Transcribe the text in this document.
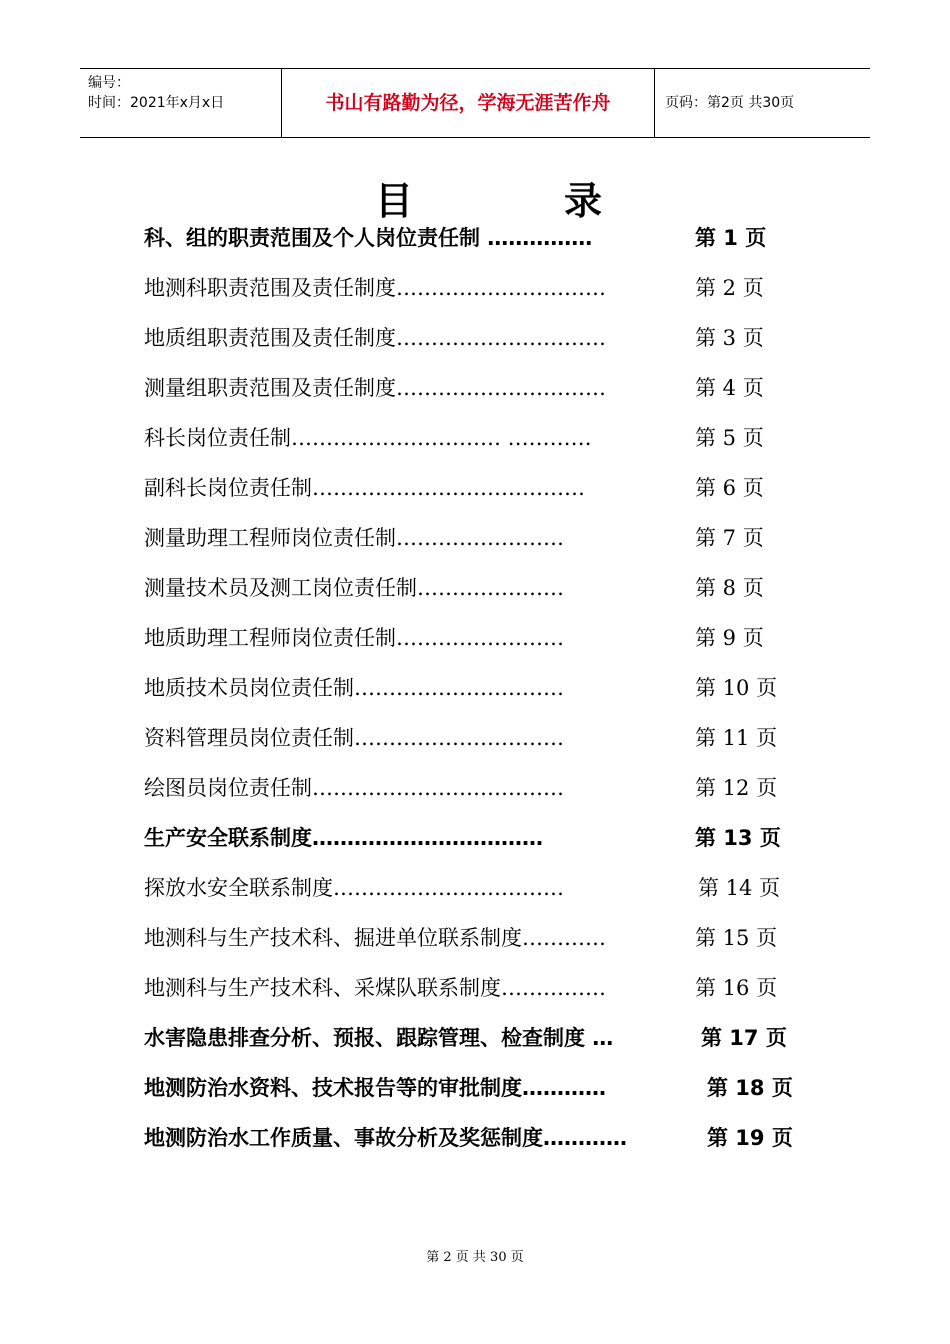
编号：
时间：2021年x月x日	书山有路勤为径，学海无涯苦作舟	页码：第2页 共30页
目	录
科、组的职责范围及个人岗位责任制 ……………	第 1 页
地测科职责范围及责任制度…………………………	第 2 页
地质组职责范围及责任制度…………………………	第 3 页
测量组职责范围及责任制度…………………………	第 4 页
科长岗位责任制………………………… …………	第 5 页
副科长岗位责任制…………………………………	第 6 页
测量助理工程师岗位责任制……………………	第 7 页
测量技术员及测工岗位责任制…………………	第 8 页
地质助理工程师岗位责任制……………………	第 9 页
地质技术员岗位责任制…………………………	第 10 页
资料管理员岗位责任制…………………………	第 11 页
绘图员岗位责任制………………………………	第 12 页
生产安全联系制度……………………………	第 13 页
探放水安全联系制度……………………………	第 14 页
地测科与生产技术科、掘进单位联系制度…………	第 15 页
地测科与生产技术科、采煤队联系制度……………	第 16 页
水害隐患排查分析、预报、跟踪管理、检查制度 …	第 17 页
地测防治水资料、技术报告等的审批制度…………	第 18 页
地测防治水工作质量、事故分析及奖惩制度…………	第 19 页
第 2 页 共 30 页
